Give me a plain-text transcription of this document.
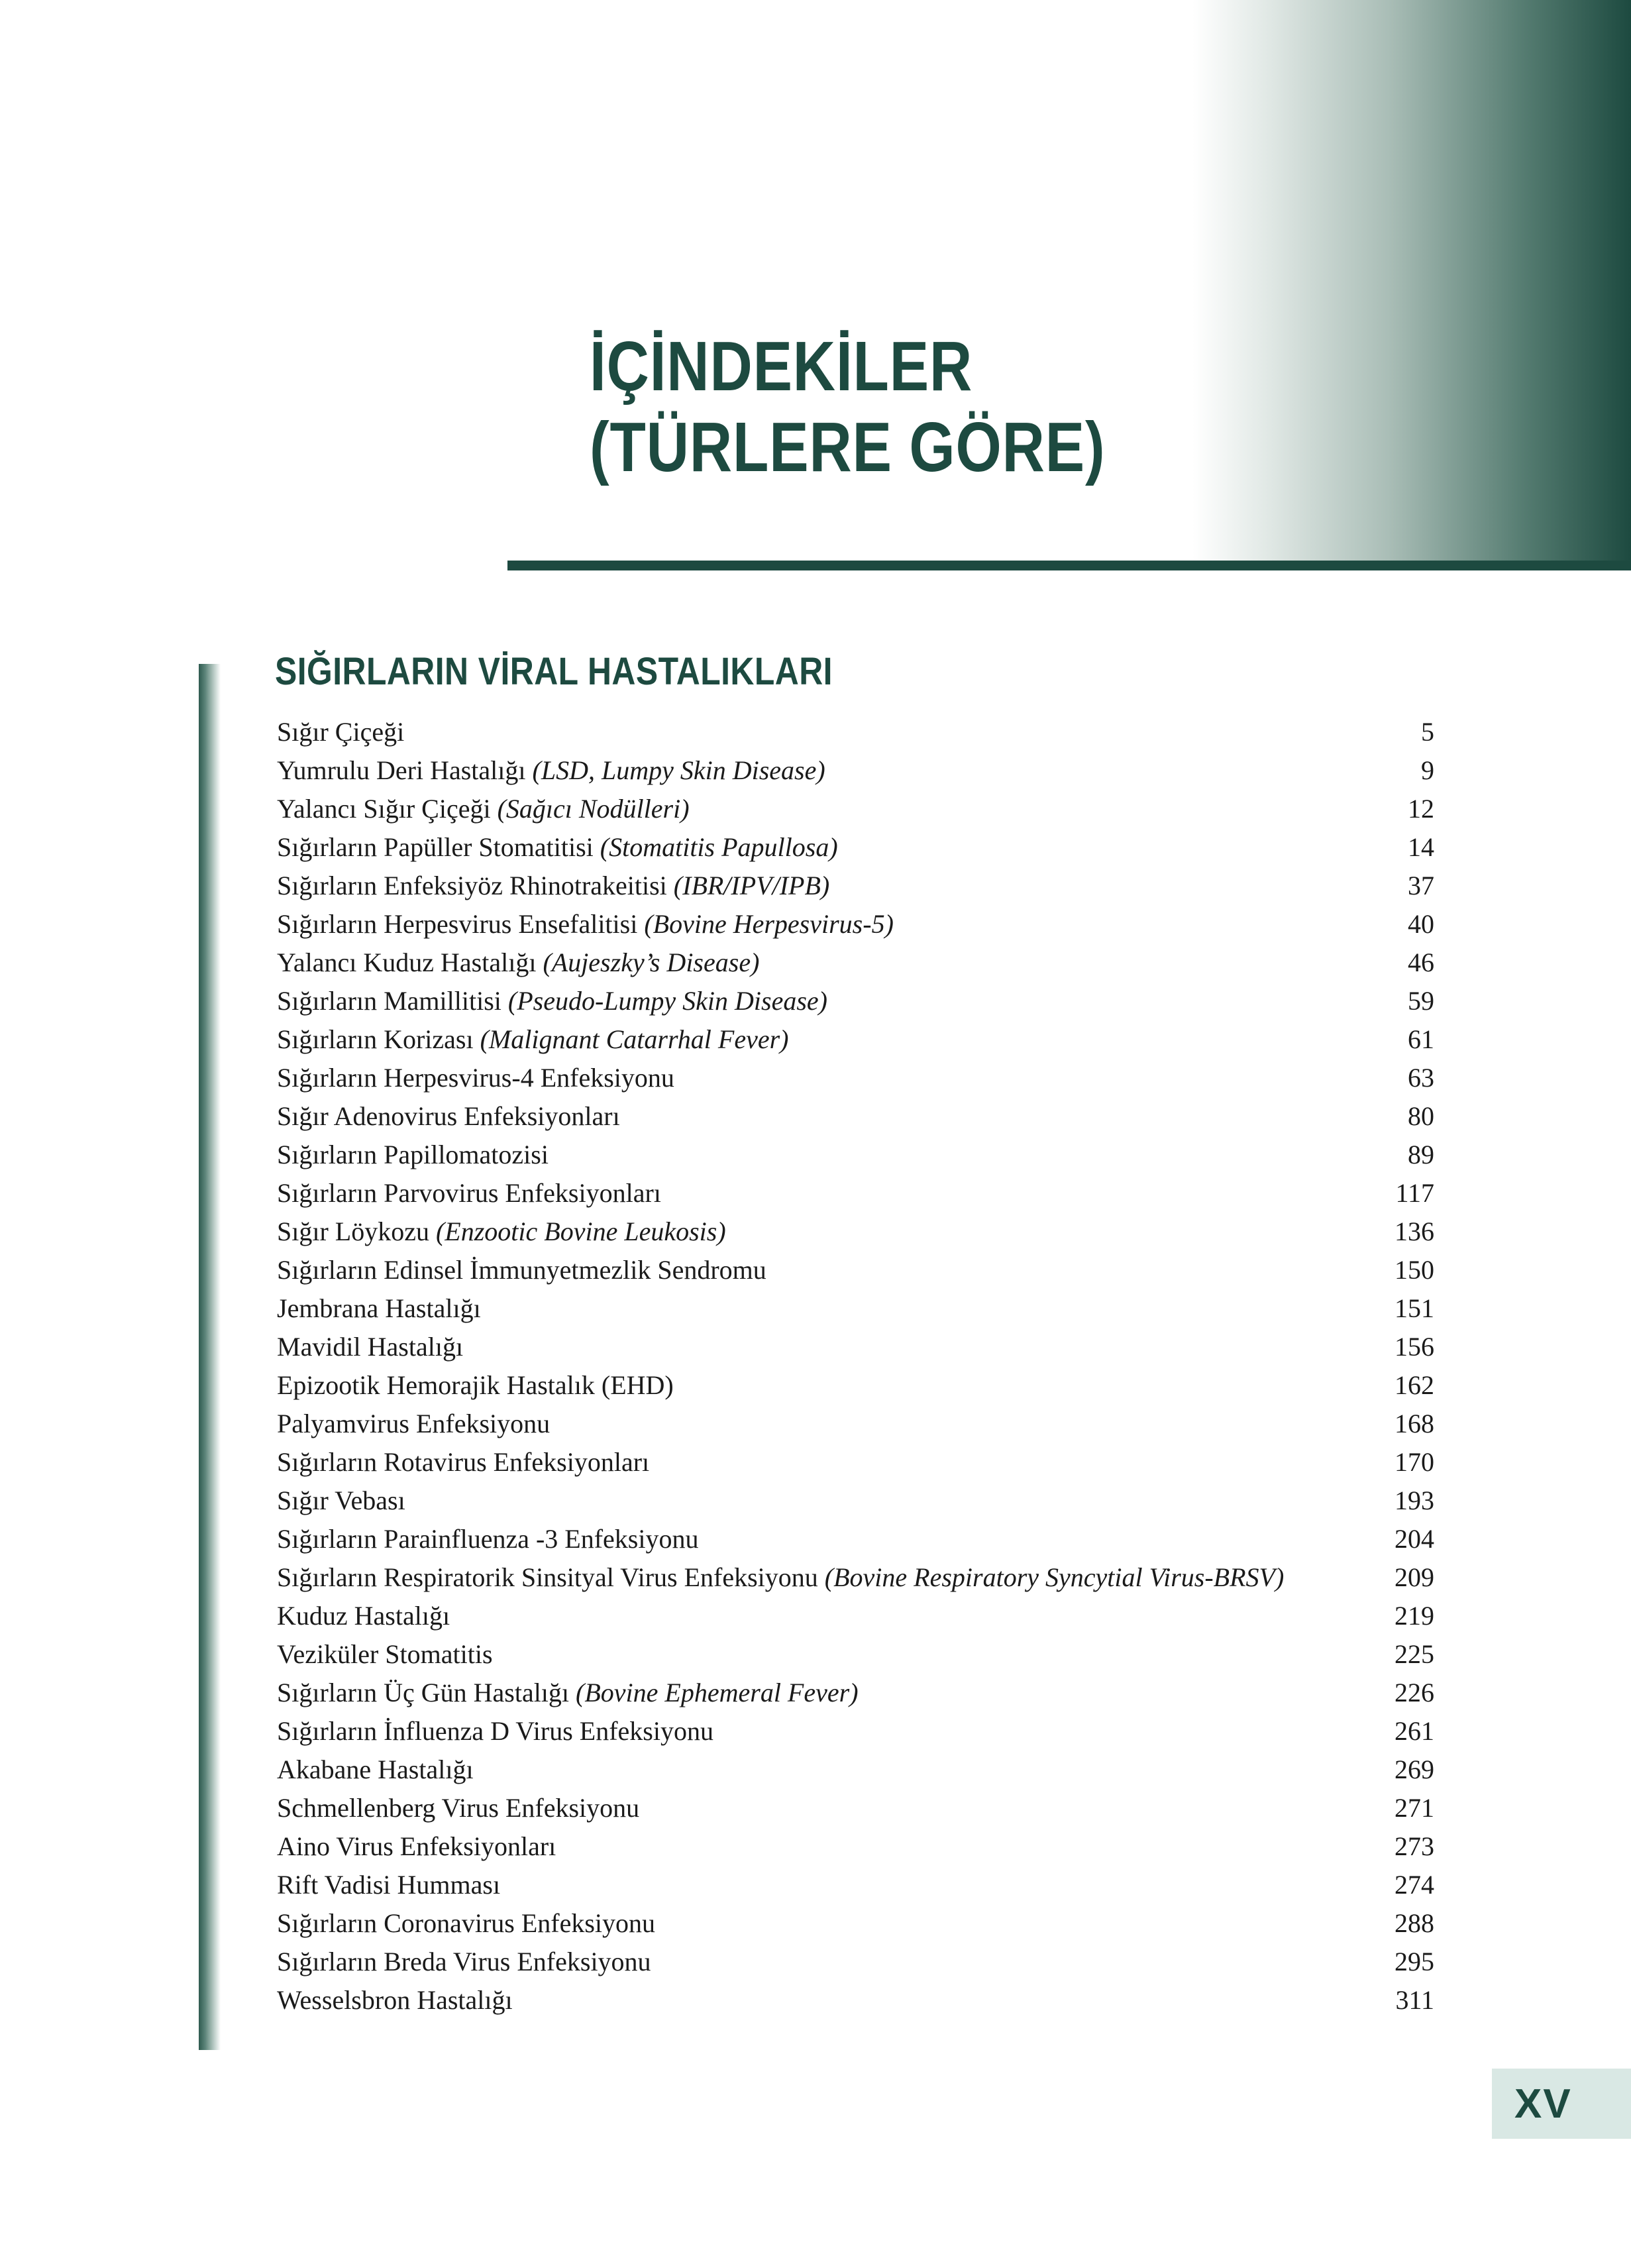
İÇİNDEKİLER
(TÜRLERE GÖRE)
SIĞIRLARIN VİRAL HASTALIKLARI
Sığır Çiçeği	5
Yumrulu Deri Hastalığı (LSD, Lumpy Skin Disease)	9
Yalancı Sığır Çiçeği (Sağıcı Nodülleri)	12
Sığırların Papüller Stomatitisi (Stomatitis Papullosa)	14
Sığırların Enfeksiyöz Rhinotrakeitisi (IBR/IPV/IPB)	37
Sığırların Herpesvirus Ensefalitisi (Bovine Herpesvirus-5)	40
Yalancı Kuduz Hastalığı (Aujeszky’s Disease)	46
Sığırların Mamillitisi (Pseudo-Lumpy Skin Disease)	59
Sığırların Korizası (Malignant Catarrhal Fever)	61
Sığırların Herpesvirus-4 Enfeksiyonu	63
Sığır Adenovirus Enfeksiyonları	80
Sığırların Papillomatozisi	89
Sığırların Parvovirus Enfeksiyonları	117
Sığır Löykozu (Enzootic Bovine Leukosis)	136
Sığırların Edinsel İmmunyetmezlik Sendromu	150
Jembrana Hastalığı	151
Mavidil Hastalığı	156
Epizootik Hemorajik Hastalık (EHD)	162
Palyamvirus Enfeksiyonu	168
Sığırların Rotavirus Enfeksiyonları	170
Sığır Vebası	193
Sığırların Parainfluenza -3 Enfeksiyonu	204
Sığırların Respiratorik Sinsityal Virus Enfeksiyonu (Bovine Respiratory Syncytial Virus-BRSV)	209
Kuduz Hastalığı	219
Veziküler Stomatitis	225
Sığırların Üç Gün Hastalığı (Bovine Ephemeral Fever)	226
Sığırların İnfluenza D Virus Enfeksiyonu	261
Akabane Hastalığı	269
Schmellenberg Virus Enfeksiyonu	271
Aino Virus Enfeksiyonları	273
Rift Vadisi Humması	274
Sığırların Coronavirus Enfeksiyonu	288
Sığırların Breda Virus Enfeksiyonu	295
Wesselsbron Hastalığı	311
XV
